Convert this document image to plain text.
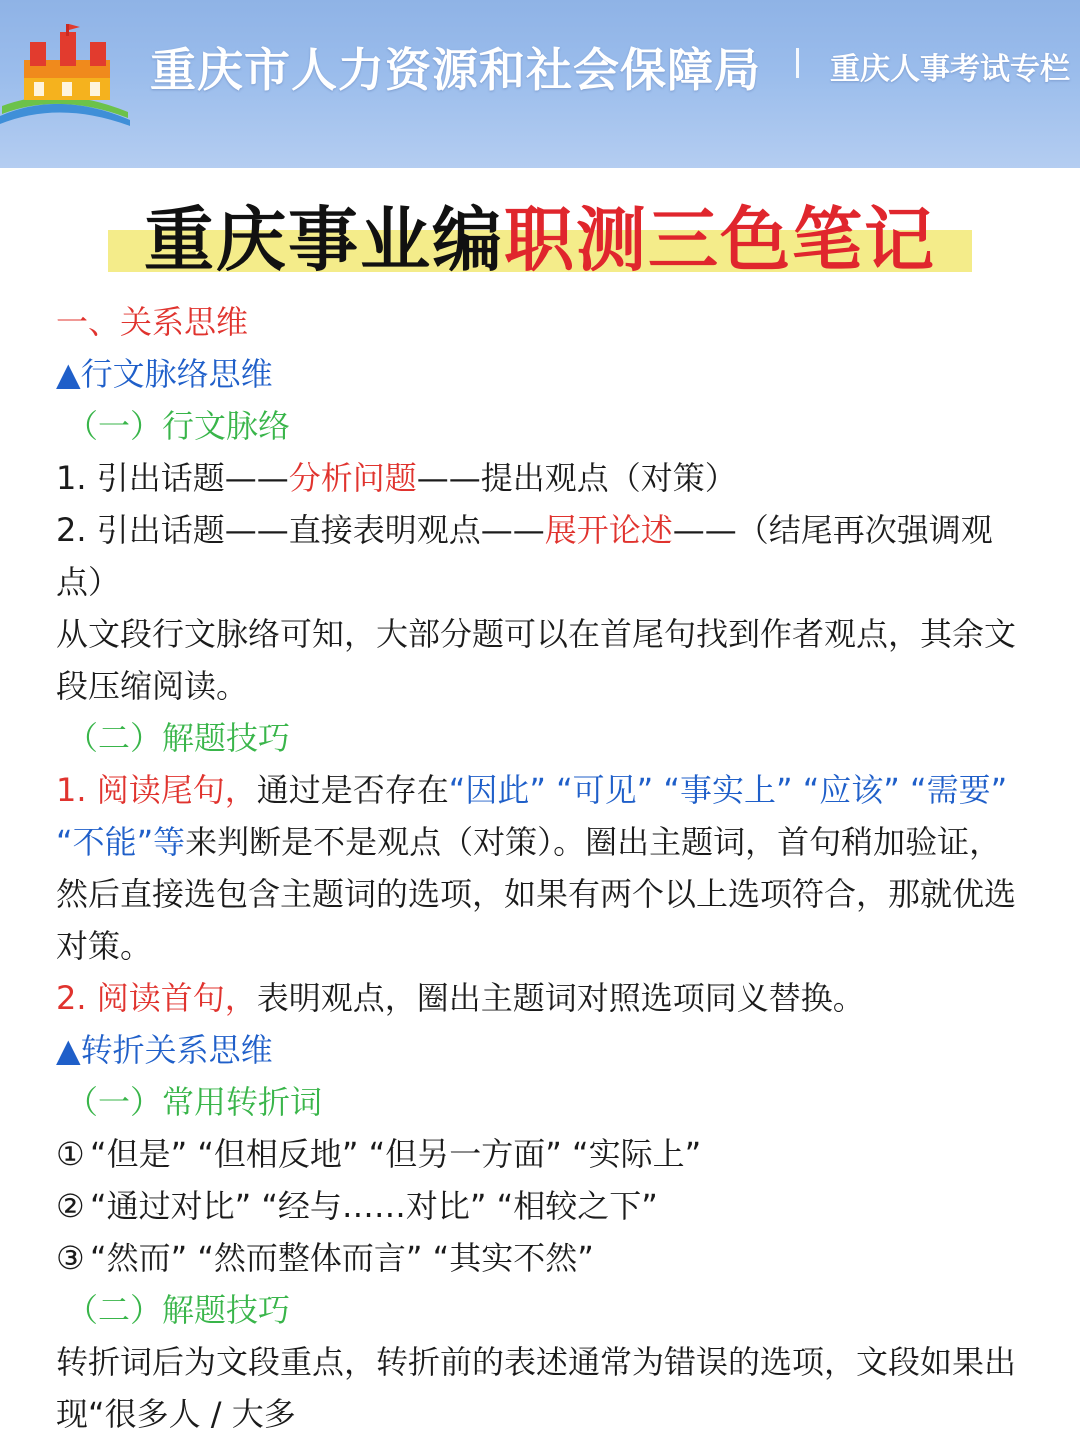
重庆市人力资源和社会保障局 重庆人事考试专栏
重庆事业编职测三色笔记

一、关系思维

▲行文脉络思维

（一）行文脉络

1. 引出话题——分析问题——提出观点（对策）

2. 引出话题——直接表明观点——展开论述——（结尾再次强调观点）

从文段行文脉络可知，大部分题可以在首尾句找到作者观点，其余文段压缩阅读。

（二）解题技巧

1. 阅读尾句，通过是否存在“因此” “可见” “事实上” “应该” “需要” “不能”等来判断是不是观点（对策）。圈出主题词，首句稍加验证，然后直接选包含主题词的选项，如果有两个以上选项符合，那就优选对策。

2. 阅读首句，表明观点，圈出主题词对照选项同义替换。

▲转折关系思维

（一）常用转折词

① “但是” “但相反地” “但另一方面” “实际上”

② “通过对比” “经与……对比” “相较之下”

③ “然而” “然而整体而言” “其实不然”

（二）解题技巧

转折词后为文段重点，转折前的表述通常为错误的选项，文段如果出现“很多人 / 大多
